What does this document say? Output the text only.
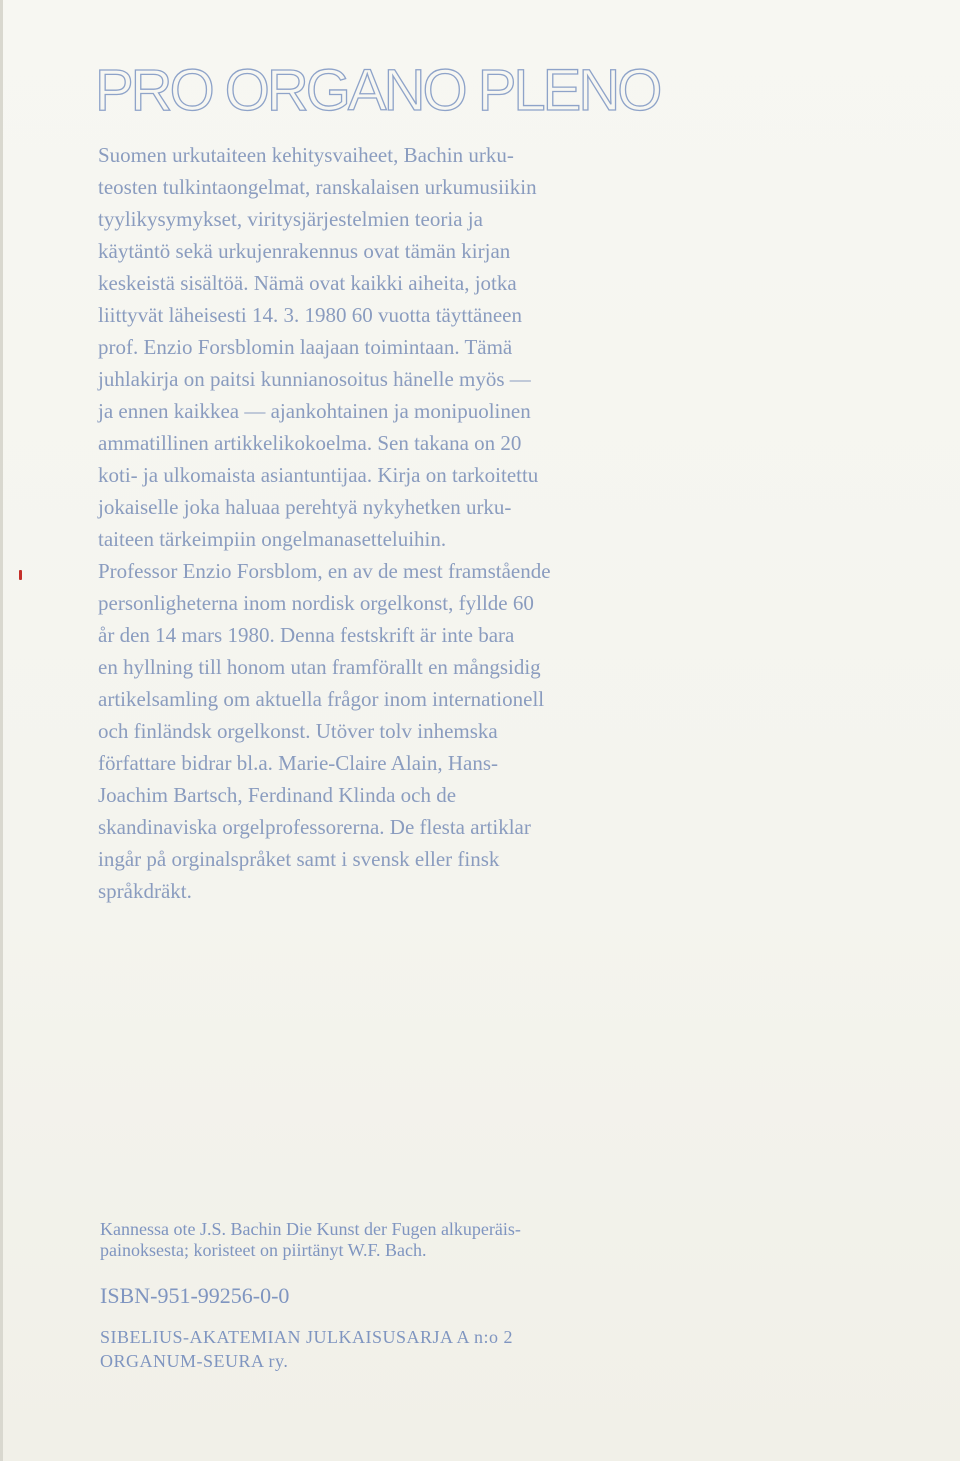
PRO ORGANO PLENO

Suomen urkutaiteen kehitysvaiheet, Bachin urku-
teosten tulkintaongelmat, ranskalaisen urkumusiikin
tyylikysymykset, viritysjärjestelmien teoria ja
käytäntö sekä urkujenrakennus ovat tämän kirjan
keskeistä sisältöä. Nämä ovat kaikki aiheita, jotka
liittyvät läheisesti 14. 3. 1980 60 vuotta täyttäneen
prof. Enzio Forsblomin laajaan toimintaan. Tämä
juhlakirja on paitsi kunnianosoitus hänelle myös —
ja ennen kaikkea — ajankohtainen ja monipuolinen
ammatillinen artikkelikokoelma. Sen takana on 20
koti- ja ulkomaista asiantuntijaa. Kirja on tarkoitettu
jokaiselle joka haluaa perehtyä nykyhetken urku-
taiteen tärkeimpiin ongelmanasetteluihin.
Professor Enzio Forsblom, en av de mest framstående
personligheterna inom nordisk orgelkonst, fyllde 60
år den 14 mars 1980. Denna festskrift är inte bara
en hyllning till honom utan framförallt en mångsidig
artikelsamling om aktuella frågor inom internationell
och finländsk orgelkonst. Utöver tolv inhemska
författare bidrar bl.a. Marie-Claire Alain, Hans-
Joachim Bartsch, Ferdinand Klinda och de
skandinaviska orgelprofessorerna. De flesta artiklar
ingår på orginalspråket samt i svensk eller finsk
språkdräkt.

Kannessa ote J.S. Bachin Die Kunst der Fugen alkuperäis-
painoksesta; koristeet on piirtänyt W.F. Bach.

ISBN-951-99256-0-0

SIBELIUS-AKATEMIAN JULKAISUSARJA A n:o 2
ORGANUM-SEURA ry.
